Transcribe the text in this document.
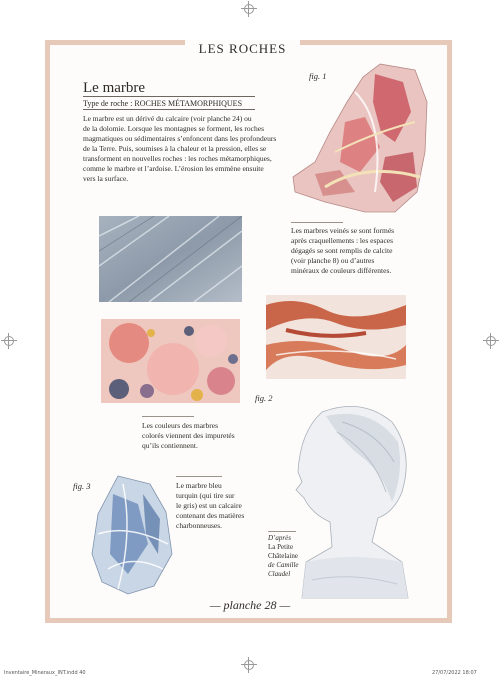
LES ROCHES
Le marbre
Type de roche : ROCHES MÉTAMORPHIQUES
Le marbre est un dérivé du calcaire (voir planche 24) ou
de la dolomie. Lorsque les montagnes se forment, les roches
magmatiques ou sédimentaires s’enfoncent dans les profondeurs
de la Terre. Puis, soumises à la chaleur et la pression, elles se
transforment en nouvelles roches : les roches métamorphiques,
comme le marbre et l’ardoise. L’érosion les emmène ensuite
vers la surface.
fig. 1
Les marbres veinés se sont formés
après craquellements : les espaces
dégagés se sont remplis de calcite
(voir planche 8) ou d’autres
minéraux de couleurs différentes.
fig. 2
Les couleurs des marbres
colorés viennent des impuretés
qu’ils contiennent.
fig. 3	Le marbre bleu
turquin (qui tire sur
le gris) est un calcaire
contenant des matières
charbonneuses.
D’après
La Petite
Châtelaine
de Camille
Claudel
— planche 28 —
Inventaire_Mineraux_INT.indd 40	27/07/2022 18:07
